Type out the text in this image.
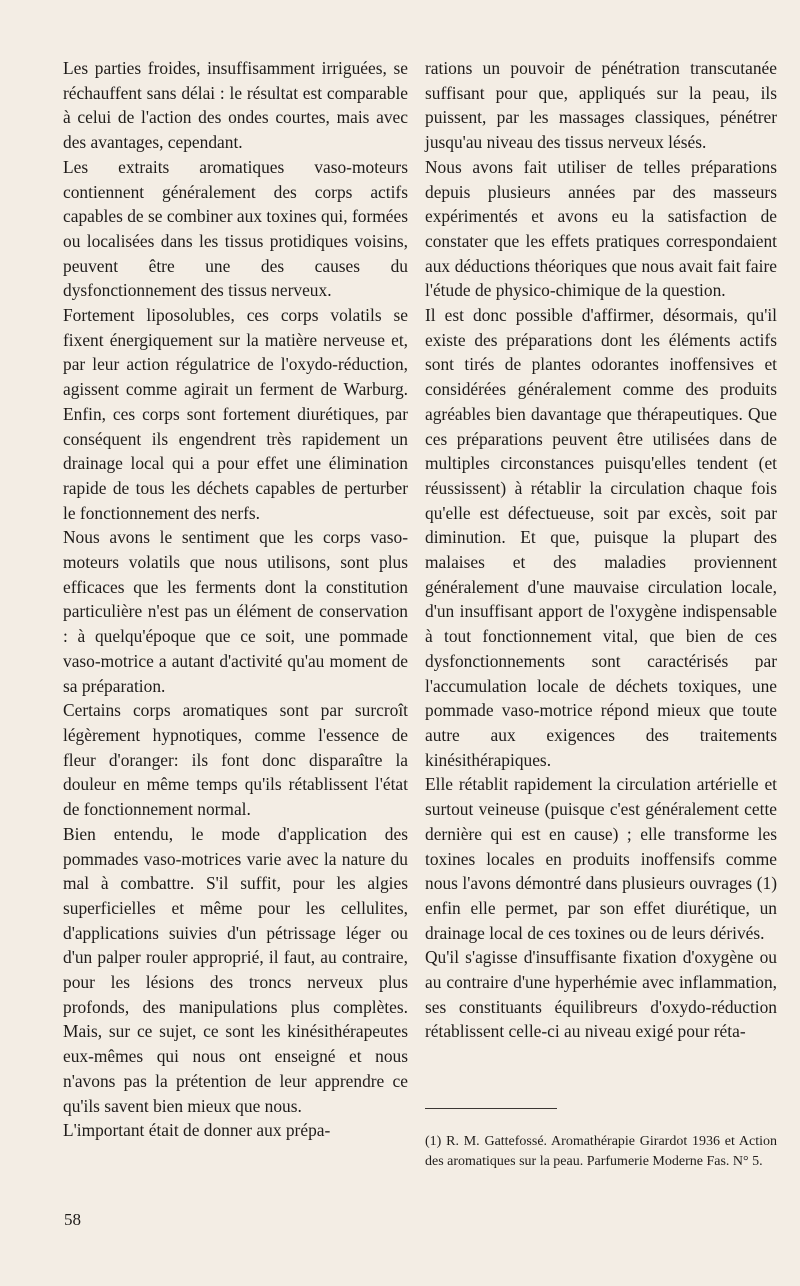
Les parties froides, insuffisamment irriguées, se réchauffent sans délai : le résultat est comparable à celui de l'action des ondes courtes, mais avec des avantages, cependant.

Les extraits aromatiques vaso-moteurs contiennent généralement des corps actifs capables de se combiner aux toxines qui, formées ou localisées dans les tissus protidiques voisins, peuvent être une des causes du dysfonctionnement des tissus nerveux.

Fortement liposolubles, ces corps volatils se fixent énergiquement sur la matière nerveuse et, par leur action régulatrice de l'oxydo-réduction, agissent comme agirait un ferment de Warburg. Enfin, ces corps sont fortement diurétiques, par conséquent ils engendrent très rapidement un drainage local qui a pour effet une élimination rapide de tous les déchets capables de perturber le fonctionnement des nerfs.

Nous avons le sentiment que les corps vaso-moteurs volatils que nous utilisons, sont plus efficaces que les ferments dont la constitution particulière n'est pas un élément de conservation : à quelqu'époque que ce soit, une pommade vaso-motrice a autant d'activité qu'au moment de sa préparation.

Certains corps aromatiques sont par surcroît légèrement hypnotiques, comme l'essence de fleur d'oranger: ils font donc disparaître la douleur en même temps qu'ils rétablissent l'état de fonctionnement normal.

Bien entendu, le mode d'application des pommades vaso-motrices varie avec la nature du mal à combattre. S'il suffit, pour les algies superficielles et même pour les cellulites, d'applications suivies d'un pétrissage léger ou d'un palper rouler approprié, il faut, au contraire, pour les lésions des troncs nerveux plus profonds, des manipulations plus complètes. Mais, sur ce sujet, ce sont les kinésithérapeutes eux-mêmes qui nous ont enseigné et nous n'avons pas la prétention de leur apprendre ce qu'ils savent bien mieux que nous.

L'important était de donner aux prépa-

rations un pouvoir de pénétration transcutanée suffisant pour que, appliqués sur la peau, ils puissent, par les massages classiques, pénétrer jusqu'au niveau des tissus nerveux lésés.

Nous avons fait utiliser de telles préparations depuis plusieurs années par des masseurs expérimentés et avons eu la satisfaction de constater que les effets pratiques correspondaient aux déductions théoriques que nous avait fait faire l'étude de physico-chimique de la question.

Il est donc possible d'affirmer, désormais, qu'il existe des préparations dont les éléments actifs sont tirés de plantes odorantes inoffensives et considérées généralement comme des produits agréables bien davantage que thérapeutiques. Que ces préparations peuvent être utilisées dans de multiples circonstances puisqu'elles tendent (et réussissent) à rétablir la circulation chaque fois qu'elle est défectueuse, soit par excès, soit par diminution. Et que, puisque la plupart des malaises et des maladies proviennent généralement d'une mauvaise circulation locale, d'un insuffisant apport de l'oxygène indispensable à tout fonctionnement vital, que bien de ces dysfonctionnements sont caractérisés par l'accumulation locale de déchets toxiques, une pommade vaso-motrice répond mieux que toute autre aux exigences des traitements kinésithérapiques.

Elle rétablit rapidement la circulation artérielle et surtout veineuse (puisque c'est généralement cette dernière qui est en cause) ; elle transforme les toxines locales en produits inoffensifs comme nous l'avons démontré dans plusieurs ouvrages (1) enfin elle permet, par son effet diurétique, un drainage local de ces toxines ou de leurs dérivés.

Qu'il s'agisse d'insuffisante fixation d'oxygène ou au contraire d'une hyperhémie avec inflammation, ses constituants équilibreurs d'oxydo-réduction rétablissent celle-ci au niveau exigé pour réta-

(1) R. M. Gattefossé. Aromathérapie Girardot 1936 et Action des aromatiques sur la peau. Parfumerie Moderne Fas. N° 5.
58
